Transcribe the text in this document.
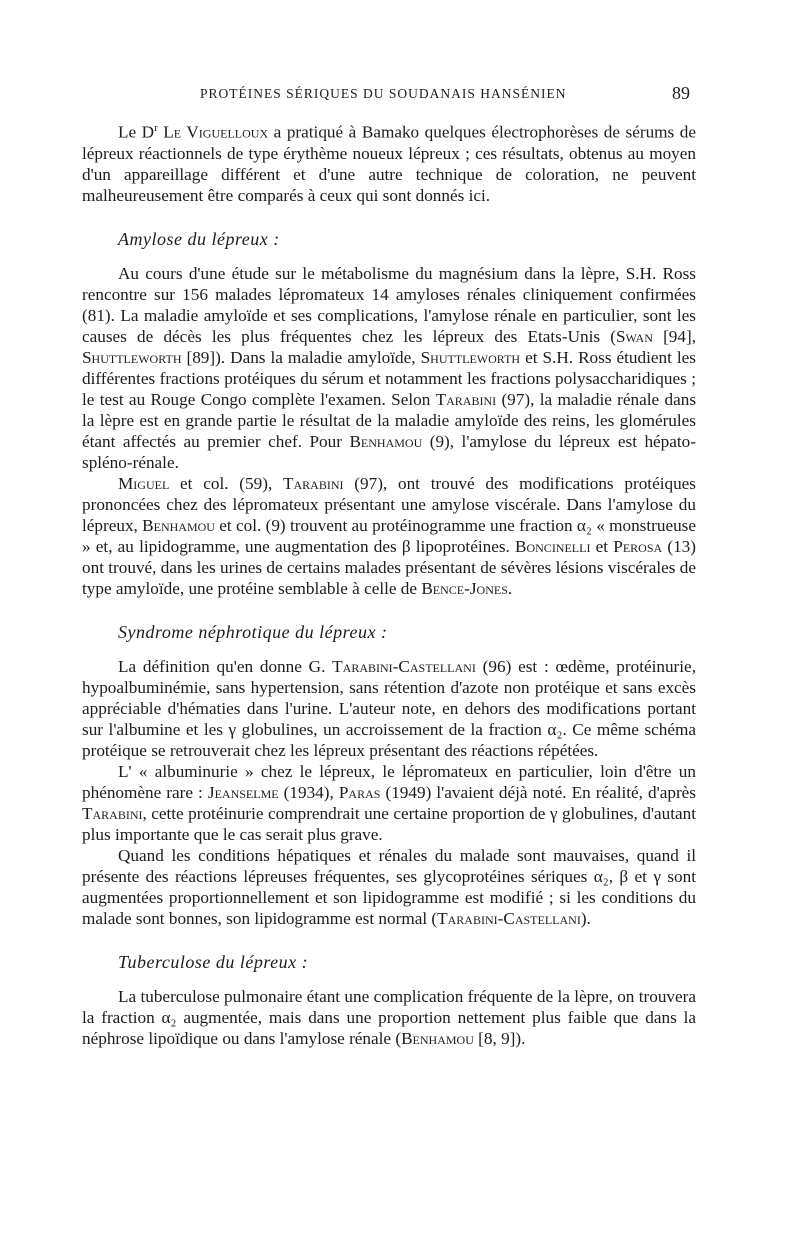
PROTÉINES SÉRIQUES DU SOUDANAIS HANSÉNIEN	89

Le $D^r$ Le Viguelloux a pratiqué à Bamako quelques électrophorèses de sérums de lépreux réactionnels de type érythème noueux lépreux ; ces résultats, obtenus au moyen d'un appareillage différent et d'une autre technique de coloration, ne peuvent malheureusement être comparés à ceux qui sont donnés ici.

Amylose du lépreux :

Au cours d'une étude sur le métabolisme du magnésium dans la lèpre, S.H. Ross rencontre sur 156 malades lépromateux 14 amyloses rénales cliniquement confirmées (81). La maladie amyloïde et ses complications, l'amylose rénale en particulier, sont les causes de décès les plus fréquentes chez les lépreux des Etats-Unis (Swan [94], Shuttleworth [89]). Dans la maladie amyloïde, Shuttleworth et S.H. Ross étudient les différentes fractions protéiques du sérum et notamment les fractions polysaccharidiques ; le test au Rouge Congo complète l'examen. Selon Tarabini (97), la maladie rénale dans la lèpre est en grande partie le résultat de la maladie amyloïde des reins, les glomérules étant affectés au premier chef. Pour Benhamou (9), l'amylose du lépreux est hépato-spléno-rénale.

Miguel et col. (59), Tarabini (97), ont trouvé des modifications protéiques prononcées chez des lépromateux présentant une amylose viscérale. Dans l'amylose du lépreux, Benhamou et col. (9) trouvent au protéinogramme une fraction α₂ « monstrueuse » et, au lipidogramme, une augmentation des β lipoprotéines. Boncinelli et Perosa (13) ont trouvé, dans les urines de certains malades présentant de sévères lésions viscérales de type amyloïde, une protéine semblable à celle de Bence-Jones.

Syndrome néphrotique du lépreux :

La définition qu'en donne G. Tarabini-Castellani (96) est : œdème, protéinurie, hypoalbuminémie, sans hypertension, sans rétention d'azote non protéique et sans excès appréciable d'hématies dans l'urine. L'auteur note, en dehors des modifications portant sur l'albumine et les γ globulines, un accroissement de la fraction α₂. Ce même schéma protéique se retrouverait chez les lépreux présentant des réactions répétées.

L' « albuminurie » chez le lépreux, le lépromateux en particulier, loin d'être un phénomène rare : Jeanselme (1934), Paras (1949) l'avaient déjà noté. En réalité, d'après Tarabini, cette protéinurie comprendrait une certaine proportion de γ globulines, d'autant plus importante que le cas serait plus grave.

Quand les conditions hépatiques et rénales du malade sont mauvaises, quand il présente des réactions lépreuses fréquentes, ses glycoprotéines sériques α₂, β et γ sont augmentées proportionnellement et son lipidogramme est modifié ; si les conditions du malade sont bonnes, son lipidogramme est normal (Tarabini-Castellani).

Tuberculose du lépreux :

La tuberculose pulmonaire étant une complication fréquente de la lèpre, on trouvera la fraction α₂ augmentée, mais dans une proportion nettement plus faible que dans la néphrose lipoïdique ou dans l'amylose rénale (Benhamou [8, 9]).
